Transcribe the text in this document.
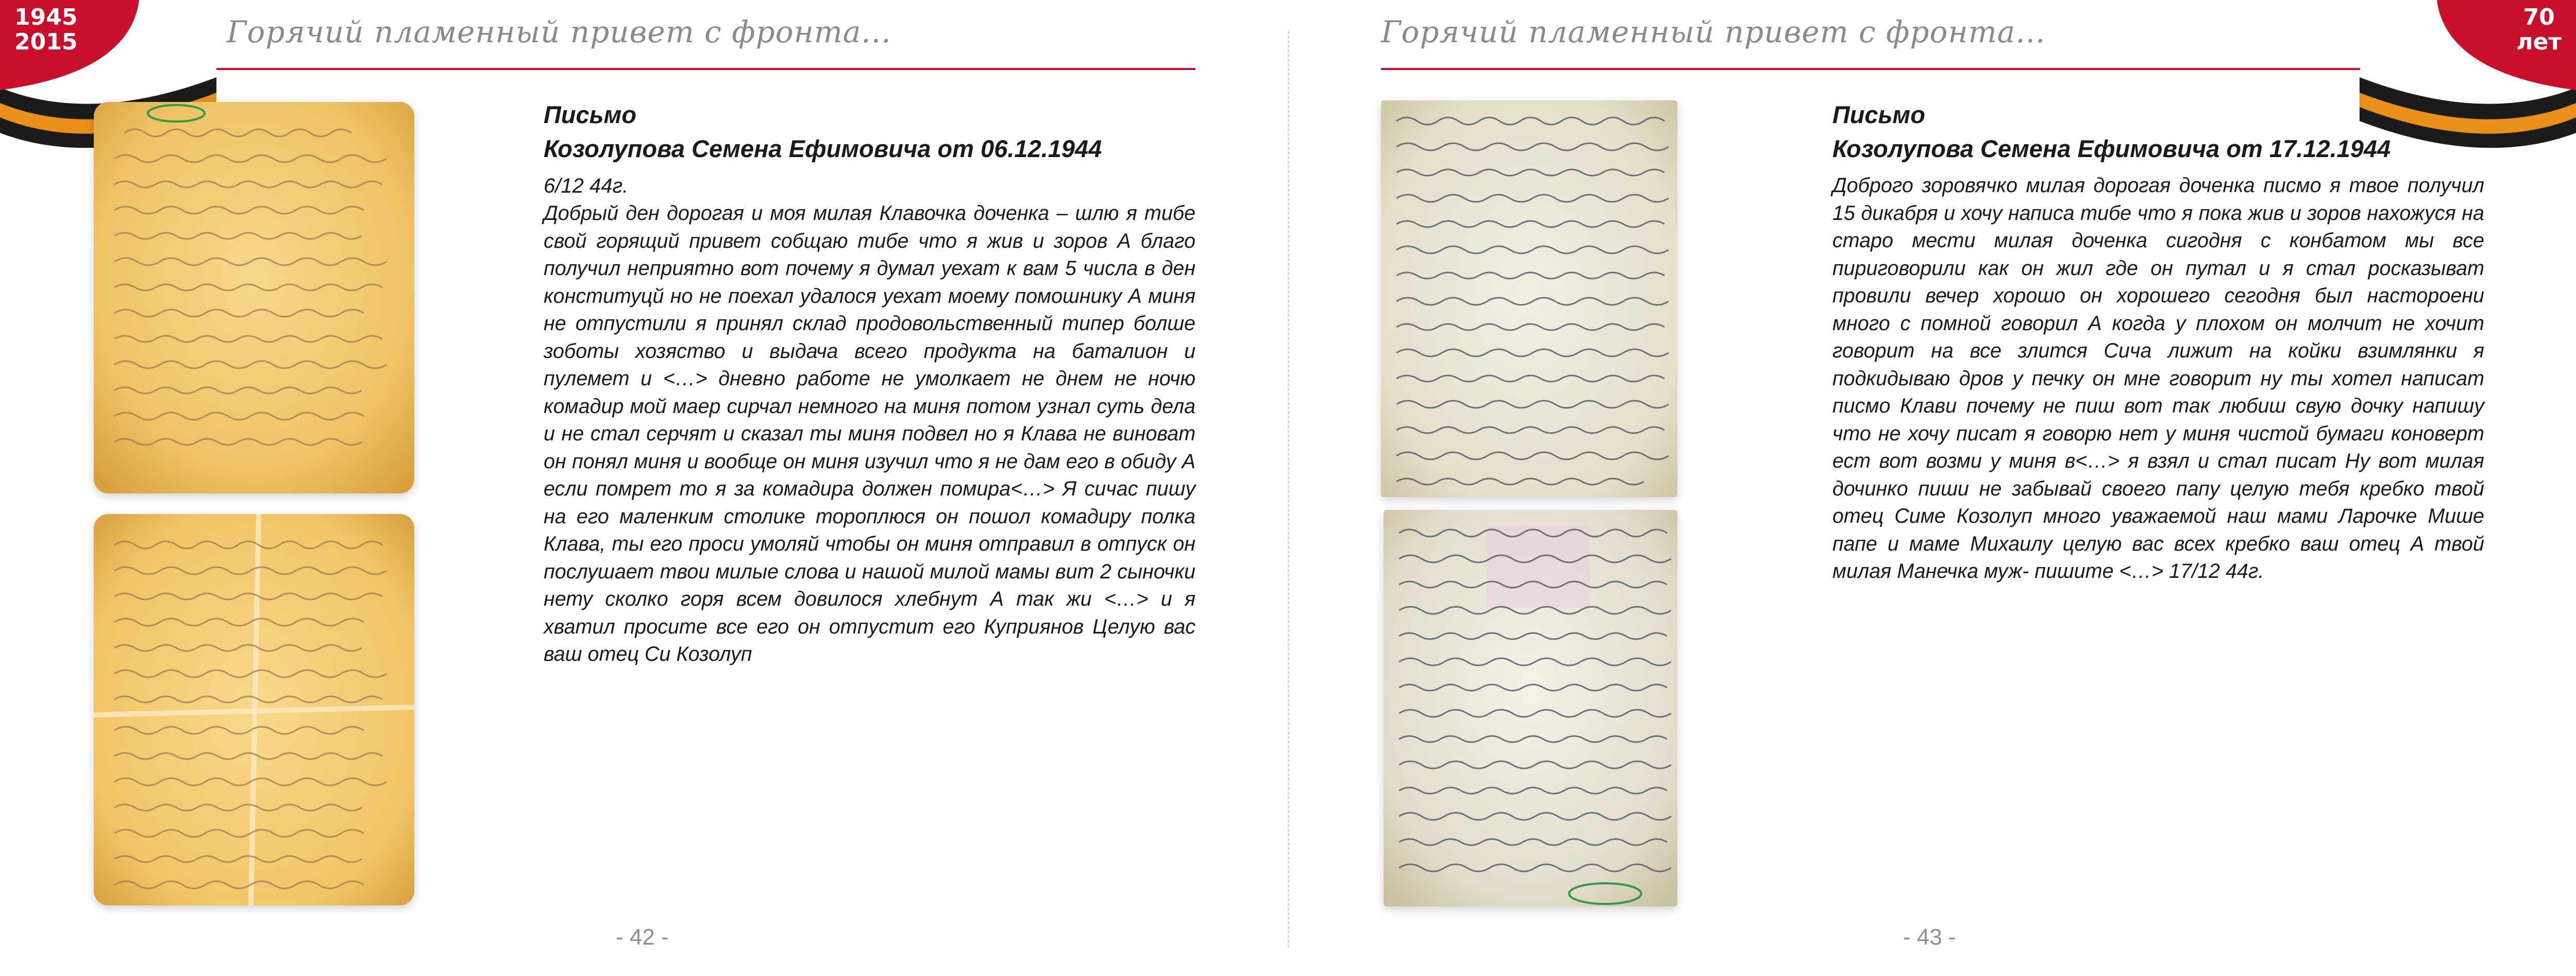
1945
2015	Горячий пламенный привет с фронта...
Письмо
Козолупова Семена Ефимовича от 06.12.1944

6/12 44г.

Добрый ден дорогая и моя милая Клавочка доченка – шлю я тибе свой горящий привет собщаю тибе что я жив и зоров А благо получил неприятно вот почему я думал уехат к вам 5 числа в ден конституцй но не поехал удалося уехат моему помошнику А миня не отпустили я принял склад продовольственный типер болше зоботы хозяство и выдача всего продукта на баталион и пулемет и <…> дневно работе не умолкает не днем не ночю комадир мой маер сирчал немного на миня потом узнал суть дела и не стал серчят и сказал ты миня подвел но я Клава не виноват он понял миня и вообще он миня изучил что я не дам его в обиду А если помрет то я за комадира должен помира<…> Я сичас пишу на его маленким столике тороплюся он пошол комадиру полка Клава, ты его проси умоляй чтобы он миня отправил в отпуск он послушает твои милые слова и нашой милой мамы вит 2 сыночки нету сколко горя всем довилося хлебнут А так жи <…> и я хватил просите все его он отпустит его Куприянов Целую вас ваш отец Си Козолуп

- 42 -
70
лет
Горячий пламенный привет с фронта...
Письмо
Козолупова Семена Ефимовича от 17.12.1944

Доброго зоровячко милая дорогая доченка писмо я твое получил 15 дикабря и хочу написа тибе что я пока жив и зоров нахожуся на старо мести милая доченка сигодня с конбатом мы все пириговорили как он жил где он путал и я стал росказыват провили вечер хорошо он хорошего сегодня был настороени много с помной говорил А когда у плохом он молчит не хочит говорит на все злится Сича лижит на койки взимлянки я подкидываю дров у печку он мне говорит ну ты хотел написат писмо Клави почему не пиш вот так любиш свую дочку напишу что не хочу писат я говорю нет у миня чистой бумаги коноверт ест вот возми у миня в<…> я взял и стал писат Ну вот милая дочинко пиши не забывай своего папу целую тебя кребко твой отец Симе Козолуп много уважаемой наш мами Ларочке Мише папе и маме Михаилу целую вас всех кребко ваш отец А твой милая Манечка муж- пишите <…> 17/12 44г.

- 43 -
